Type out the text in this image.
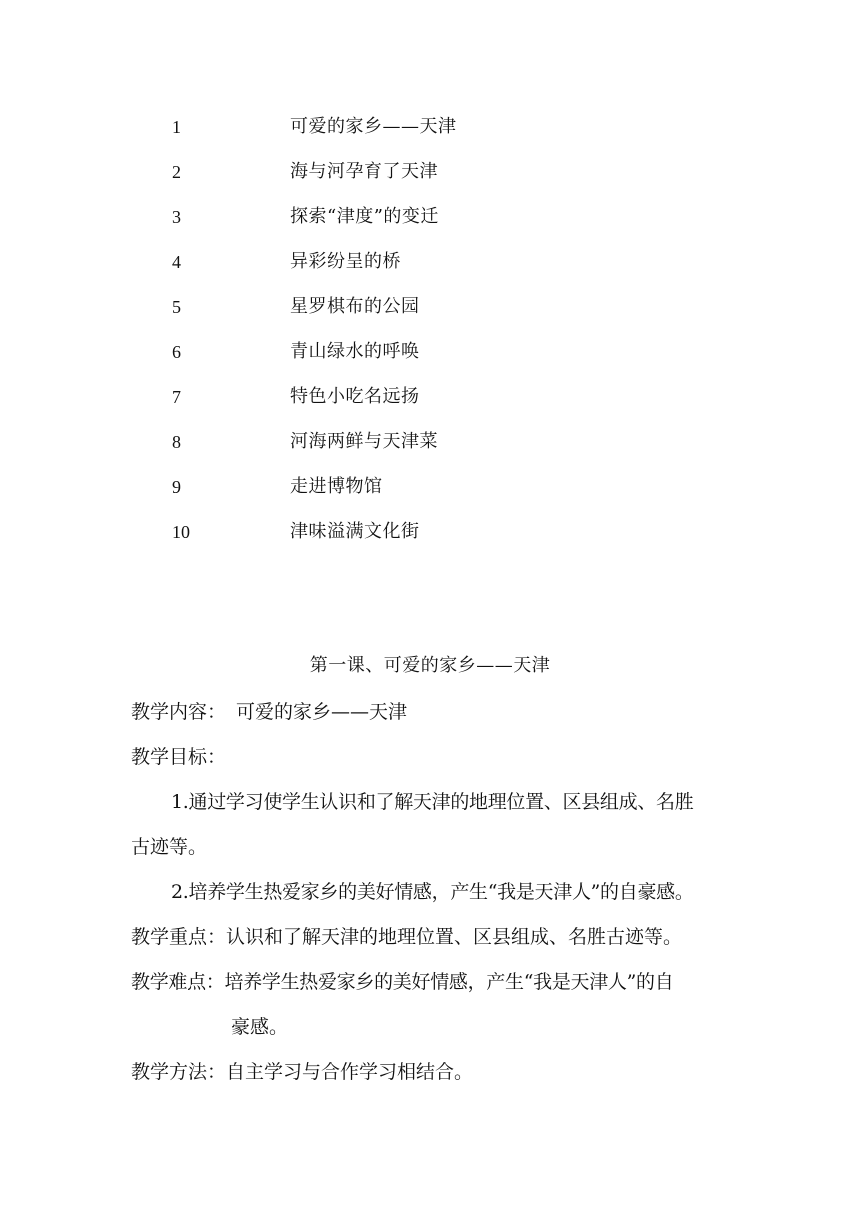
1	可爱的家乡——天津
2	海与河孕育了天津
3	探索“津度”的变迁
4	异彩纷呈的桥
5	星罗棋布的公园
6	青山绿水的呼唤
7	特色小吃名远扬
8	河海两鲜与天津菜
9	走进博物馆
10	津味溢满文化街
第一课、可爱的家乡——天津
教学内容： 可爱的家乡——天津
教学目标：
1.通过学习使学生认识和了解天津的地理位置、区县组成、名胜
古迹等。
2.培养学生热爱家乡的美好情感，产生“我是天津人”的自豪感。
教学重点：认识和了解天津的地理位置、区县组成、名胜古迹等。
教学难点：培养学生热爱家乡的美好情感，产生“我是天津人”的自
豪感。
教学方法：自主学习与合作学习相结合。
